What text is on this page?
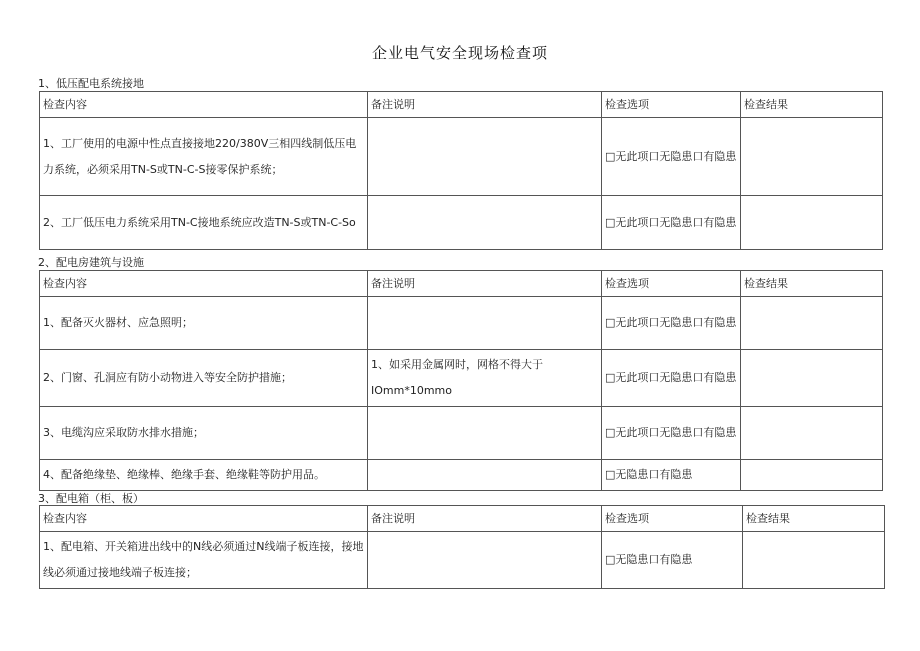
企业电气安全现场检查项
1、低压配电系统接地
检查内容	备注说明	检查选项	检查结果
1、工厂使用的电源中性点直接接地220/380V三相四线制低压电力系统，必须采用TN-S或TN-C-S接零保护系统；		□无此项口无隐患口有隐患	
2、工厂低压电力系统采用TN-C接地系统应改造TN-S或TN-C-So		□无此项口无隐患口有隐患	
2、配电房建筑与设施
检查内容	备注说明	检查选项	检查结果
1、配备灭火器材、应急照明；		□无此项口无隐患口有隐患	
2、门窗、孔洞应有防小动物进入等安全防护措施；	1、如采用金属网时，网格不得大于IOmm*10mmo	□无此项口无隐患口有隐患	
3、电缆沟应采取防水排水措施；		□无此项口无隐患口有隐患	
4、配备绝缘垫、绝缘棒、绝缘手套、绝缘鞋等防护用品。		□无隐患口有隐患	
3、配电箱（柜、板）
检查内容	备注说明	检查选项	检查结果
1、配电箱、开关箱进出线中的N线必须通过N线端子板连接，接地线必须通过接地线端子板连接；		□无隐患口有隐患	
